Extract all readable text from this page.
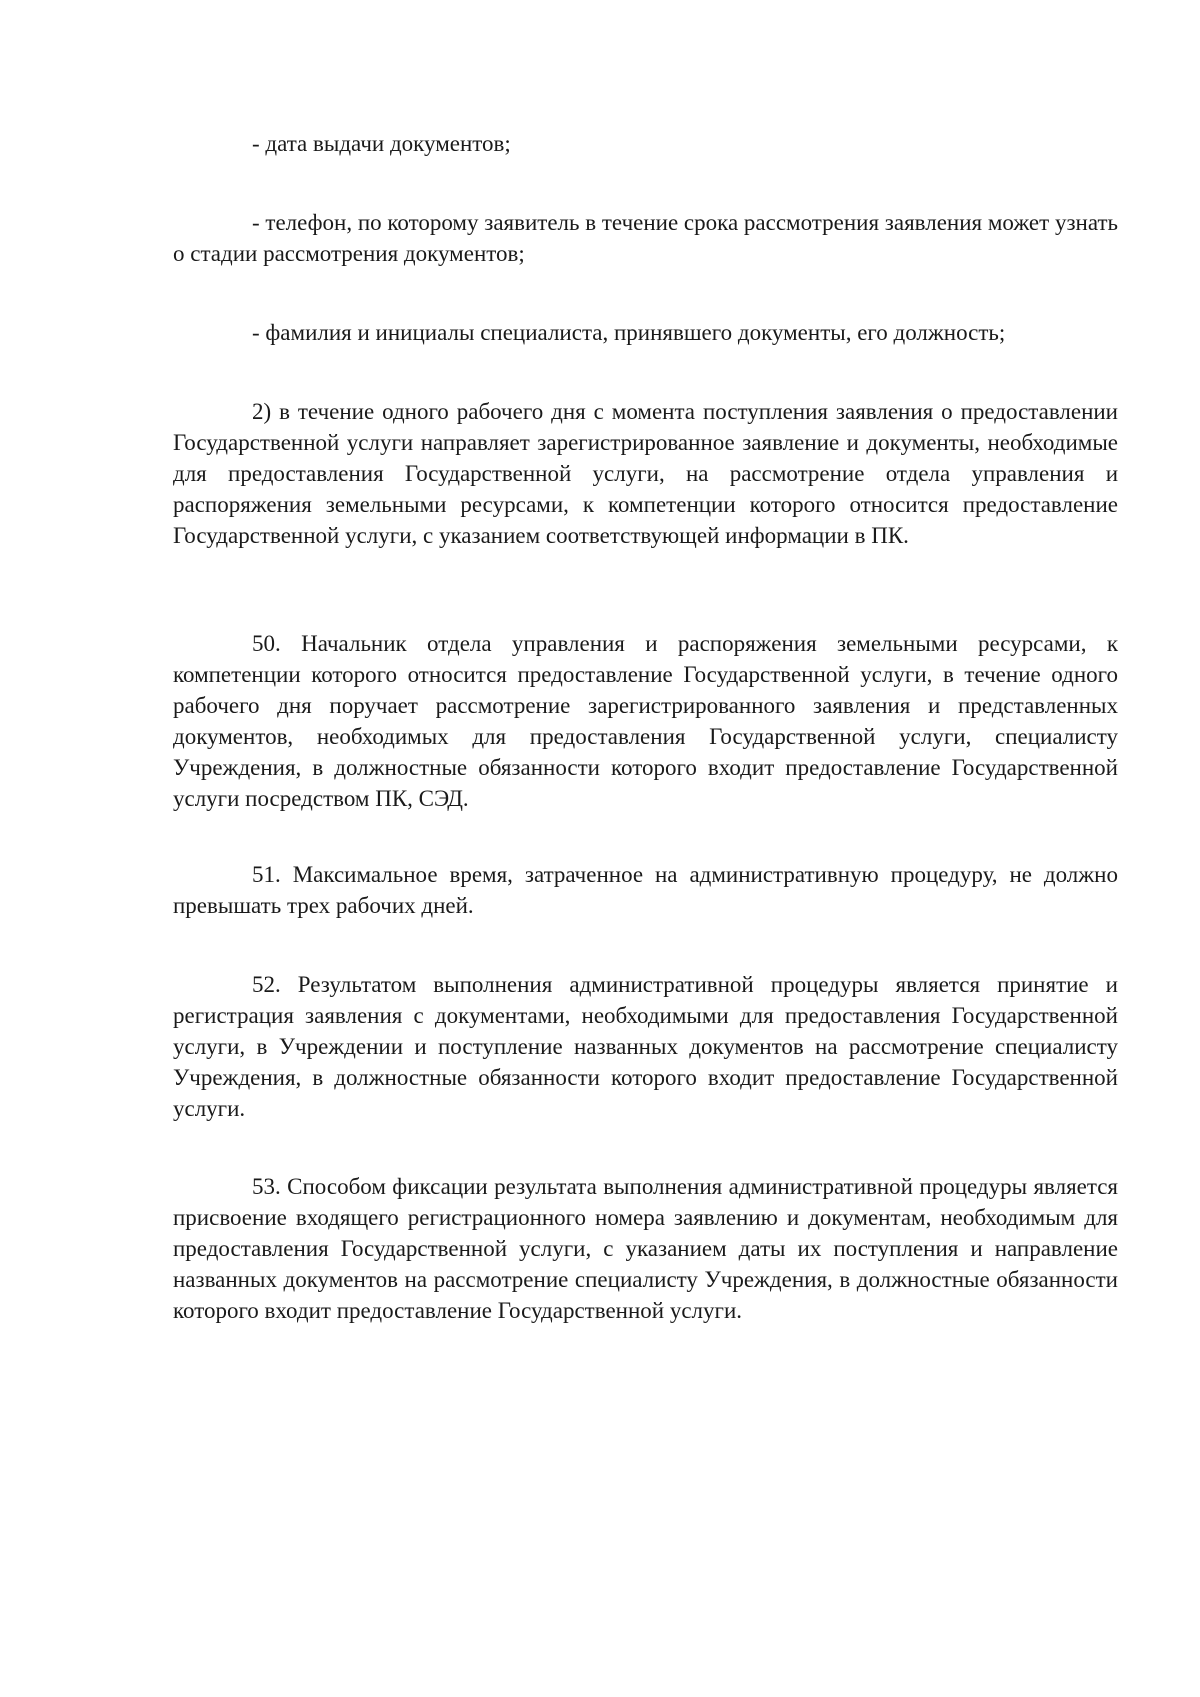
- дата выдачи документов;

- телефон, по которому заявитель в течение срока рассмотрения заявления может узнать о стадии рассмотрения документов;

- фамилия и инициалы специалиста, принявшего документы, его должность;

2) в течение одного рабочего дня с момента поступления заявления о предоставлении Государственной услуги направляет зарегистрированное заявление и документы, необходимые для предоставления Государственной услуги, на рассмотрение отдела управления и распоряжения земельными ресурсами, к компетенции которого относится предоставление Государственной услуги, с указанием соответствующей информации в ПК.

50. Начальник отдела управления и распоряжения земельными ресурсами, к компетенции которого относится предоставление Государственной услуги, в течение одного рабочего дня поручает рассмотрение зарегистрированного заявления и представленных документов, необходимых для предоставления Государственной услуги, специалисту Учреждения, в должностные обязанности которого входит предоставление Государственной услуги посредством ПК, СЭД.

51. Максимальное время, затраченное на административную процедуру, не должно превышать трех рабочих дней.

52. Результатом выполнения административной процедуры является принятие и регистрация заявления с документами, необходимыми для предоставления Государственной услуги, в Учреждении и поступление названных документов на рассмотрение специалисту Учреждения, в должностные обязанности которого входит предоставление Государственной услуги.

53. Способом фиксации результата выполнения административной процедуры является присвоение входящего регистрационного номера заявлению и документам, необходимым для предоставления Государственной услуги, с указанием даты их поступления и направление названных документов на рассмотрение специалисту Учреждения, в должностные обязанности которого входит предоставление Государственной услуги.
